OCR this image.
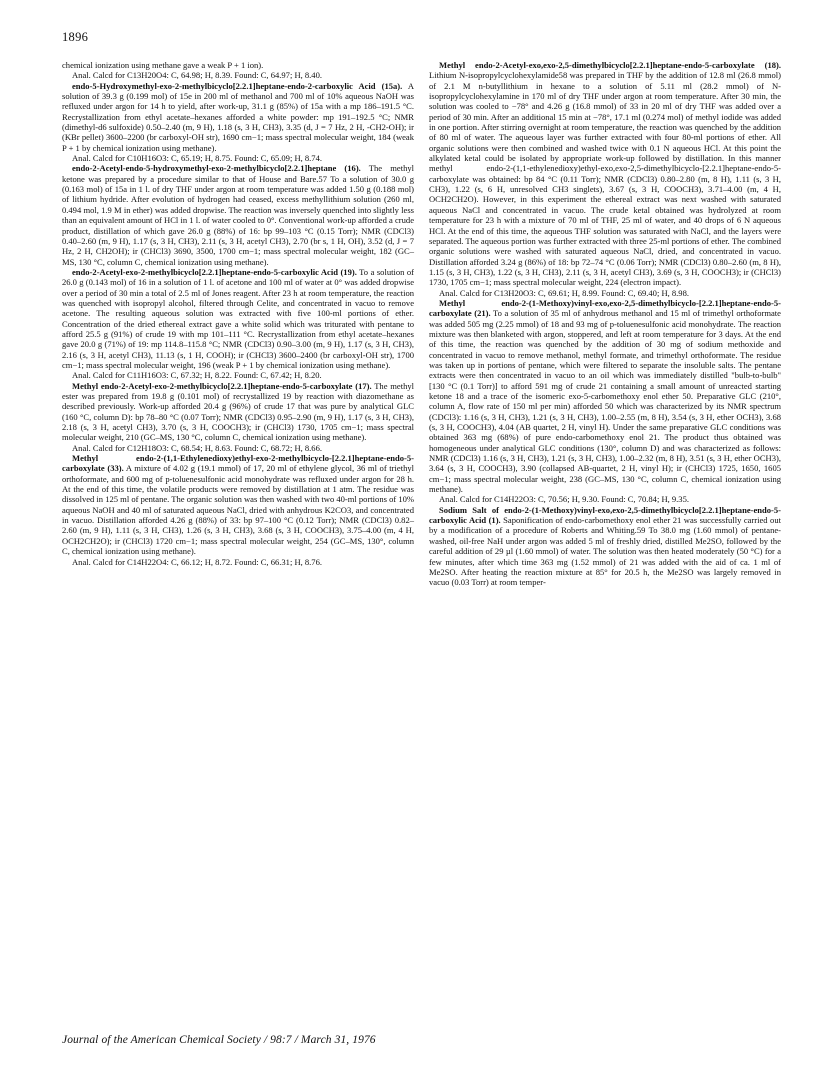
1896

chemical ionization using methane gave a weak P + 1 ion).

Anal. Calcd for C13H20O4: C, 64.98; H, 8.39. Found: C, 64.97; H, 8.40.

endo-5-Hydroxymethyl-exo-2-methylbicyclo[2.2.1]heptane-endo-2-carboxylic Acid (15a). A solution of 39.3 g (0.199 mol) of 15e in 200 ml of methanol and 700 ml of 10% aqueous NaOH was refluxed under argon for 14 h to yield, after work-up, 31.1 g (85%) of 15a with a mp 186–191.5 °C. Recrystallization from ethyl acetate–hexanes afforded a white powder: mp 191–192.5 °C; NMR (dimethyl-d6 sulfoxide) 0.50–2.40 (m, 9 H), 1.18 (s, 3 H, CH3), 3.35 (d, J = 7 Hz, 2 H, -CH2-OH); ir (KBr pellet) 3600–2200 (br carboxyl-OH str), 1690 cm−1; mass spectral molecular weight, 184 (weak P + 1 by chemical ionization using methane).

Anal. Calcd for C10H16O3: C, 65.19; H, 8.75. Found: C, 65.09; H, 8.74.

endo-2-Acetyl-endo-5-hydroxymethyl-exo-2-methylbicyclo[2.2.1]heptane (16). The methyl ketone was prepared by a procedure similar to that of House and Bare.57 To a solution of 30.0 g (0.163 mol) of 15a in 1 l. of dry THF under argon at room temperature was added 1.50 g (0.188 mol) of lithium hydride. After evolution of hydrogen had ceased, excess methyllithium solution (260 ml, 0.494 mol, 1.9 M in ether) was added dropwise. The reaction was inversely quenched into slightly less than an equivalent amount of HCl in 1 l. of water cooled to 0°. Conventional work-up afforded a crude product, distillation of which gave 26.0 g (88%) of 16: bp 99–103 °C (0.15 Torr); NMR (CDCl3) 0.40–2.60 (m, 9 H), 1.17 (s, 3 H, CH3), 2.11 (s, 3 H, acetyl CH3), 2.70 (br s, 1 H, OH), 3.52 (d, J = 7 Hz, 2 H, CH2OH); ir (CHCl3) 3690, 3500, 1700 cm−1; mass spectral molecular weight, 182 (GC–MS, 130 °C, column C, chemical ionization using methane).

endo-2-Acetyl-exo-2-methylbicyclo[2.2.1]heptane-endo-5-carboxylic Acid (19). To a solution of 26.0 g (0.143 mol) of 16 in a solution of 1 l. of acetone and 100 ml of water at 0° was added dropwise over a period of 30 min a total of 2.5 ml of Jones reagent. After 23 h at room temperature, the reaction was quenched with isopropyl alcohol, filtered through Celite, and concentrated in vacuo to remove acetone. The resulting aqueous solution was extracted with five 100-ml portions of ether. Concentration of the dried ethereal extract gave a white solid which was triturated with pentane to afford 25.5 g (91%) of crude 19 with mp 101–111 °C. Recrystallization from ethyl acetate–hexanes gave 20.0 g (71%) of 19: mp 114.8–115.8 °C; NMR (CDCl3) 0.90–3.00 (m, 9 H), 1.17 (s, 3 H, CH3), 2.16 (s, 3 H, acetyl CH3), 11.13 (s, 1 H, COOH); ir (CHCl3) 3600–2400 (br carboxyl-OH str), 1700 cm−1; mass spectral molecular weight, 196 (weak P + 1 by chemical ionization using methane).

Anal. Calcd for C11H16O3: C, 67.32; H, 8.22. Found: C, 67.42; H, 8.20.

Methyl endo-2-Acetyl-exo-2-methylbicyclo[2.2.1]heptane-endo-5-carboxylate (17). The methyl ester was prepared from 19.8 g (0.101 mol) of recrystallized 19 by reaction with diazomethane as described previously. Work-up afforded 20.4 g (96%) of crude 17 that was pure by analytical GLC (160 °C, column D): bp 78–80 °C (0.07 Torr); NMR (CDCl3) 0.95–2.90 (m, 9 H), 1.17 (s, 3 H, CH3), 2.18 (s, 3 H, acetyl CH3), 3.70 (s, 3 H, COOCH3); ir (CHCl3) 1730, 1705 cm−1; mass spectral molecular weight, 210 (GC–MS, 130 °C, column C, chemical ionization using methane).

Anal. Calcd for C12H18O3: C, 68.54; H, 8.63. Found: C, 68.72; H, 8.66.

Methyl endo-2-(1,1-Ethylenedioxy)ethyl-exo-2-methylbicyclo-[2.2.1]heptane-endo-5-carboxylate (33). A mixture of 4.02 g (19.1 mmol) of 17, 20 ml of ethylene glycol, 36 ml of triethyl orthoformate, and 600 mg of p-toluenesulfonic acid monohydrate was refluxed under argon for 28 h. At the end of this time, the volatile products were removed by distillation at 1 atm. The residue was dissolved in 125 ml of pentane. The organic solution was then washed with two 40-ml portions of 10% aqueous NaOH and 40 ml of saturated aqueous NaCl, dried with anhydrous K2CO3, and concentrated in vacuo. Distillation afforded 4.26 g (88%) of 33: bp 97–100 °C (0.12 Torr); NMR (CDCl3) 0.82–2.60 (m, 9 H), 1.11 (s, 3 H, CH3), 1.26 (s, 3 H, CH3), 3.68 (s, 3 H, COOCH3), 3.75–4.00 (m, 4 H, OCH2CH2O); ir (CHCl3) 1720 cm−1; mass spectral molecular weight, 254 (GC–MS, 130°, column C, chemical ionization using methane).

Anal. Calcd for C14H22O4: C, 66.12; H, 8.72. Found: C, 66.31; H, 8.76.

Methyl endo-2-Acetyl-exo,exo-2,5-dimethylbicyclo[2.2.1]heptane-endo-5-carboxylate (18). Lithium N-isopropylcyclohexylamide58 was prepared in THF by the addition of 12.8 ml (26.8 mmol) of 2.1 M n-butyllithium in hexane to a solution of 5.11 ml (28.2 mmol) of N-isopropylcyclohexylamine in 170 ml of dry THF under argon at room temperature. After 30 min, the solution was cooled to −78° and 4.26 g (16.8 mmol) of 33 in 20 ml of dry THF was added over a period of 30 min. After an additional 15 min at −78°, 17.1 ml (0.274 mol) of methyl iodide was added in one portion. After stirring overnight at room temperature, the reaction was quenched by the addition of 80 ml of water. The aqueous layer was further extracted with four 80-ml portions of ether. All organic solutions were then combined and washed twice with 0.1 N aqueous HCl. At this point the alkylated ketal could be isolated by appropriate work-up followed by distillation. In this manner methyl endo-2-(1,1-ethylenedioxy)ethyl-exo,exo-2,5-dimethylbicyclo-[2.2.1]heptane-endo-5-carboxylate was obtained: bp 84 °C (0.11 Torr); NMR (CDCl3) 0.80–2.80 (m, 8 H), 1.11 (s, 3 H, CH3), 1.22 (s, 6 H, unresolved CH3 singlets), 3.67 (s, 3 H, COOCH3), 3.71–4.00 (m, 4 H, OCH2CH2O). However, in this experiment the ethereal extract was next washed with saturated aqueous NaCl and concentrated in vacuo. The crude ketal obtained was hydrolyzed at room temperature for 23 h with a mixture of 70 ml of THF, 25 ml of water, and 40 drops of 6 N aqueous HCl. At the end of this time, the aqueous THF solution was saturated with NaCl, and the layers were separated. The aqueous portion was further extracted with three 25-ml portions of ether. The combined organic solutions were washed with saturated aqueous NaCl, dried, and concentrated in vacuo. Distillation afforded 3.24 g (86%) of 18: bp 72–74 °C (0.06 Torr); NMR (CDCl3) 0.80–2.60 (m, 8 H), 1.15 (s, 3 H, CH3), 1.22 (s, 3 H, CH3), 2.11 (s, 3 H, acetyl CH3), 3.69 (s, 3 H, COOCH3); ir (CHCl3) 1730, 1705 cm−1; mass spectral molecular weight, 224 (electron impact).

Anal. Calcd for C13H20O3: C, 69.61; H, 8.99. Found: C, 69.40; H, 8.98.

Methyl endo-2-(1-Methoxy)vinyl-exo,exo-2,5-dimethylbicyclo-[2.2.1]heptane-endo-5-carboxylate (21). To a solution of 35 ml of anhydrous methanol and 15 ml of trimethyl orthoformate was added 505 mg (2.25 mmol) of 18 and 93 mg of p-toluenesulfonic acid monohydrate. The reaction mixture was then blanketed with argon, stoppered, and left at room temperature for 3 days. At the end of this time, the reaction was quenched by the addition of 30 mg of sodium methoxide and concentrated in vacuo to remove methanol, methyl formate, and trimethyl orthoformate. The residue was taken up in portions of pentane, which were filtered to separate the insoluble salts. The pentane extracts were then concentrated in vacuo to an oil which was immediately distilled "bulb-to-bulb" [130 °C (0.1 Torr)] to afford 591 mg of crude 21 containing a small amount of unreacted starting ketone 18 and a trace of the isomeric exo-5-carbomethoxy enol ether 50. Preparative GLC (210°, column A, flow rate of 150 ml per min) afforded 50 which was characterized by its NMR spectrum (CDCl3): 1.16 (s, 3 H, CH3), 1.21 (s, 3 H, CH3), 1.00–2.55 (m, 8 H), 3.54 (s, 3 H, ether OCH3), 3.68 (s, 3 H, COOCH3), 4.04 (AB quartet, 2 H, vinyl H). Under the same preparative GLC conditions was obtained 363 mg (68%) of pure endo-carbomethoxy enol 21. The product thus obtained was homogeneous under analytical GLC conditions (130°, column D) and was characterized as follows: NMR (CDCl3) 1.16 (s, 3 H, CH3), 1.21 (s, 3 H, CH3), 1.00–2.32 (m, 8 H), 3.51 (s, 3 H, ether OCH3), 3.64 (s, 3 H, COOCH3), 3.90 (collapsed AB-quartet, 2 H, vinyl H); ir (CHCl3) 1725, 1650, 1605 cm−1; mass spectral molecular weight, 238 (GC–MS, 130 °C, column C, chemical ionization using methane).

Anal. Calcd for C14H22O3: C, 70.56; H, 9.30. Found: C, 70.84; H, 9.35.

Sodium Salt of endo-2-(1-Methoxy)vinyl-exo,exo-2,5-dimethylbicyclo[2.2.1]heptane-endo-5-carboxylic Acid (1). Saponification of endo-carbomethoxy enol ether 21 was successfully carried out by a modification of a procedure of Roberts and Whiting.59 To 38.0 mg (1.60 mmol) of pentane-washed, oil-free NaH under argon was added 5 ml of freshly dried, distilled Me2SO, followed by the careful addition of 29 µl (1.60 mmol) of water. The solution was then heated moderately (50 °C) for a few minutes, after which time 363 mg (1.52 mmol) of 21 was added with the aid of ca. 1 ml of Me2SO. After heating the reaction mixture at 85° for 20.5 h, the Me2SO was largely removed in vacuo (0.03 Torr) at room temper-

Journal of the American Chemical Society / 98:7 / March 31, 1976
